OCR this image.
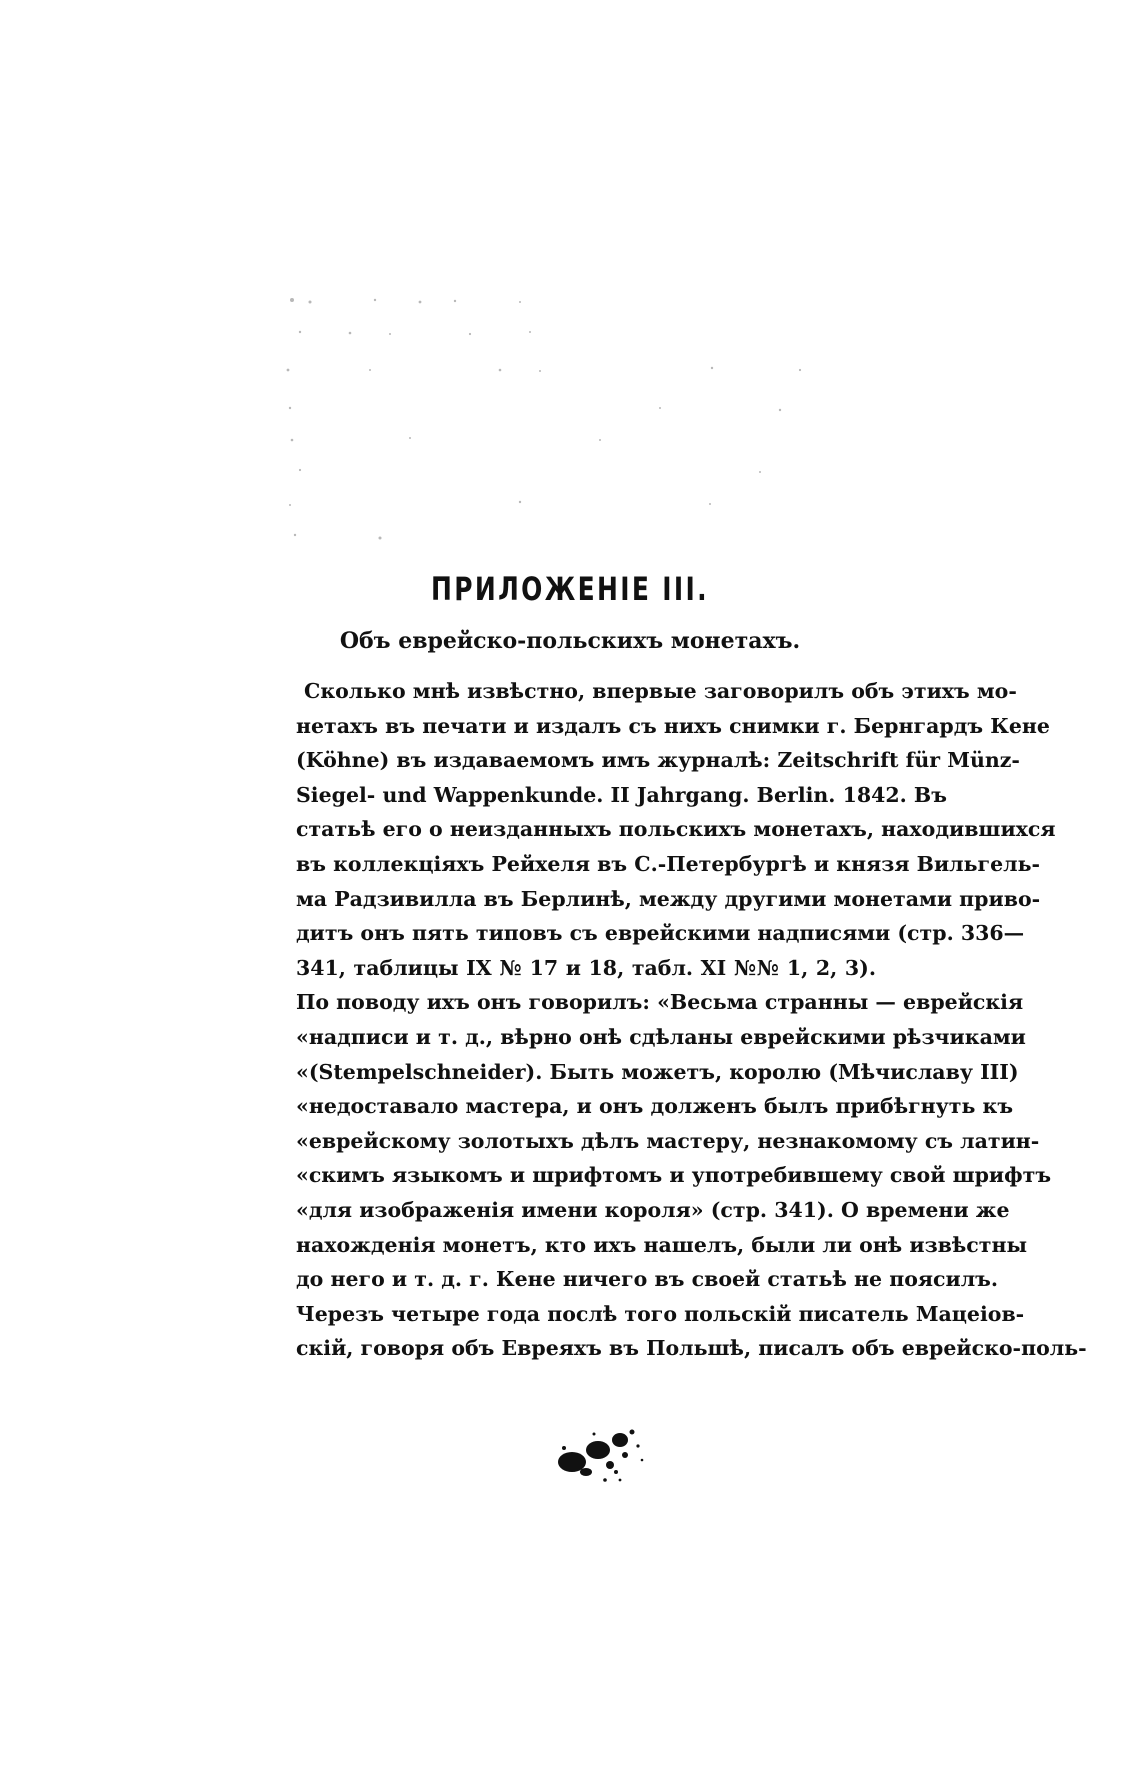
ПРИЛОЖЕНІЕ III.
Объ еврейско-польскихъ монетахъ.
Сколько мнѣ извѣстно, впервые заговорилъ объ этихъ мо-
нетахъ въ печати и издалъ съ нихъ снимки г. Бернгардъ Кене
(Köhne) въ издаваемомъ имъ журналѣ: Zeitschrift für Münz-
Siegel- und Wappenkunde. II Jahrgang. Berlin. 1842. Въ
статьѣ его о неизданныхъ польскихъ монетахъ, находившихся
въ коллекціяхъ Рейхеля въ С.-Петербургѣ и князя Вильгель-
ма Радзивилла въ Берлинѣ, между другими монетами приво-
дитъ онъ пять типовъ съ еврейскими надписями (стр. 336—
341, таблицы IX № 17 и 18, табл. XI №№ 1, 2, 3).
По поводу ихъ онъ говорилъ: «Весьма странны — еврейскія
«надписи и т. д., вѣрно онѣ сдѣланы еврейскими рѣзчиками
«(Stempelschneider). Быть можетъ, королю (Мѣчиславу III)
«недоставало мастера, и онъ долженъ былъ прибѣгнуть къ
«еврейскому золотыхъ дѣлъ мастеру, незнакомому съ латин-
«скимъ языкомъ и шрифтомъ и употребившему свой шрифтъ
«для изображенія имени короля» (стр. 341). О времени же
нахожденія монетъ, кто ихъ нашелъ, были ли онѣ извѣстны
до него и т. д. г. Кене ничего въ своей статьѣ не поясилъ.
Черезъ четыре года послѣ того польскій писатель Мацеіов-
скій, говоря объ Евреяхъ въ Польшѣ, писалъ объ еврейско-поль-
